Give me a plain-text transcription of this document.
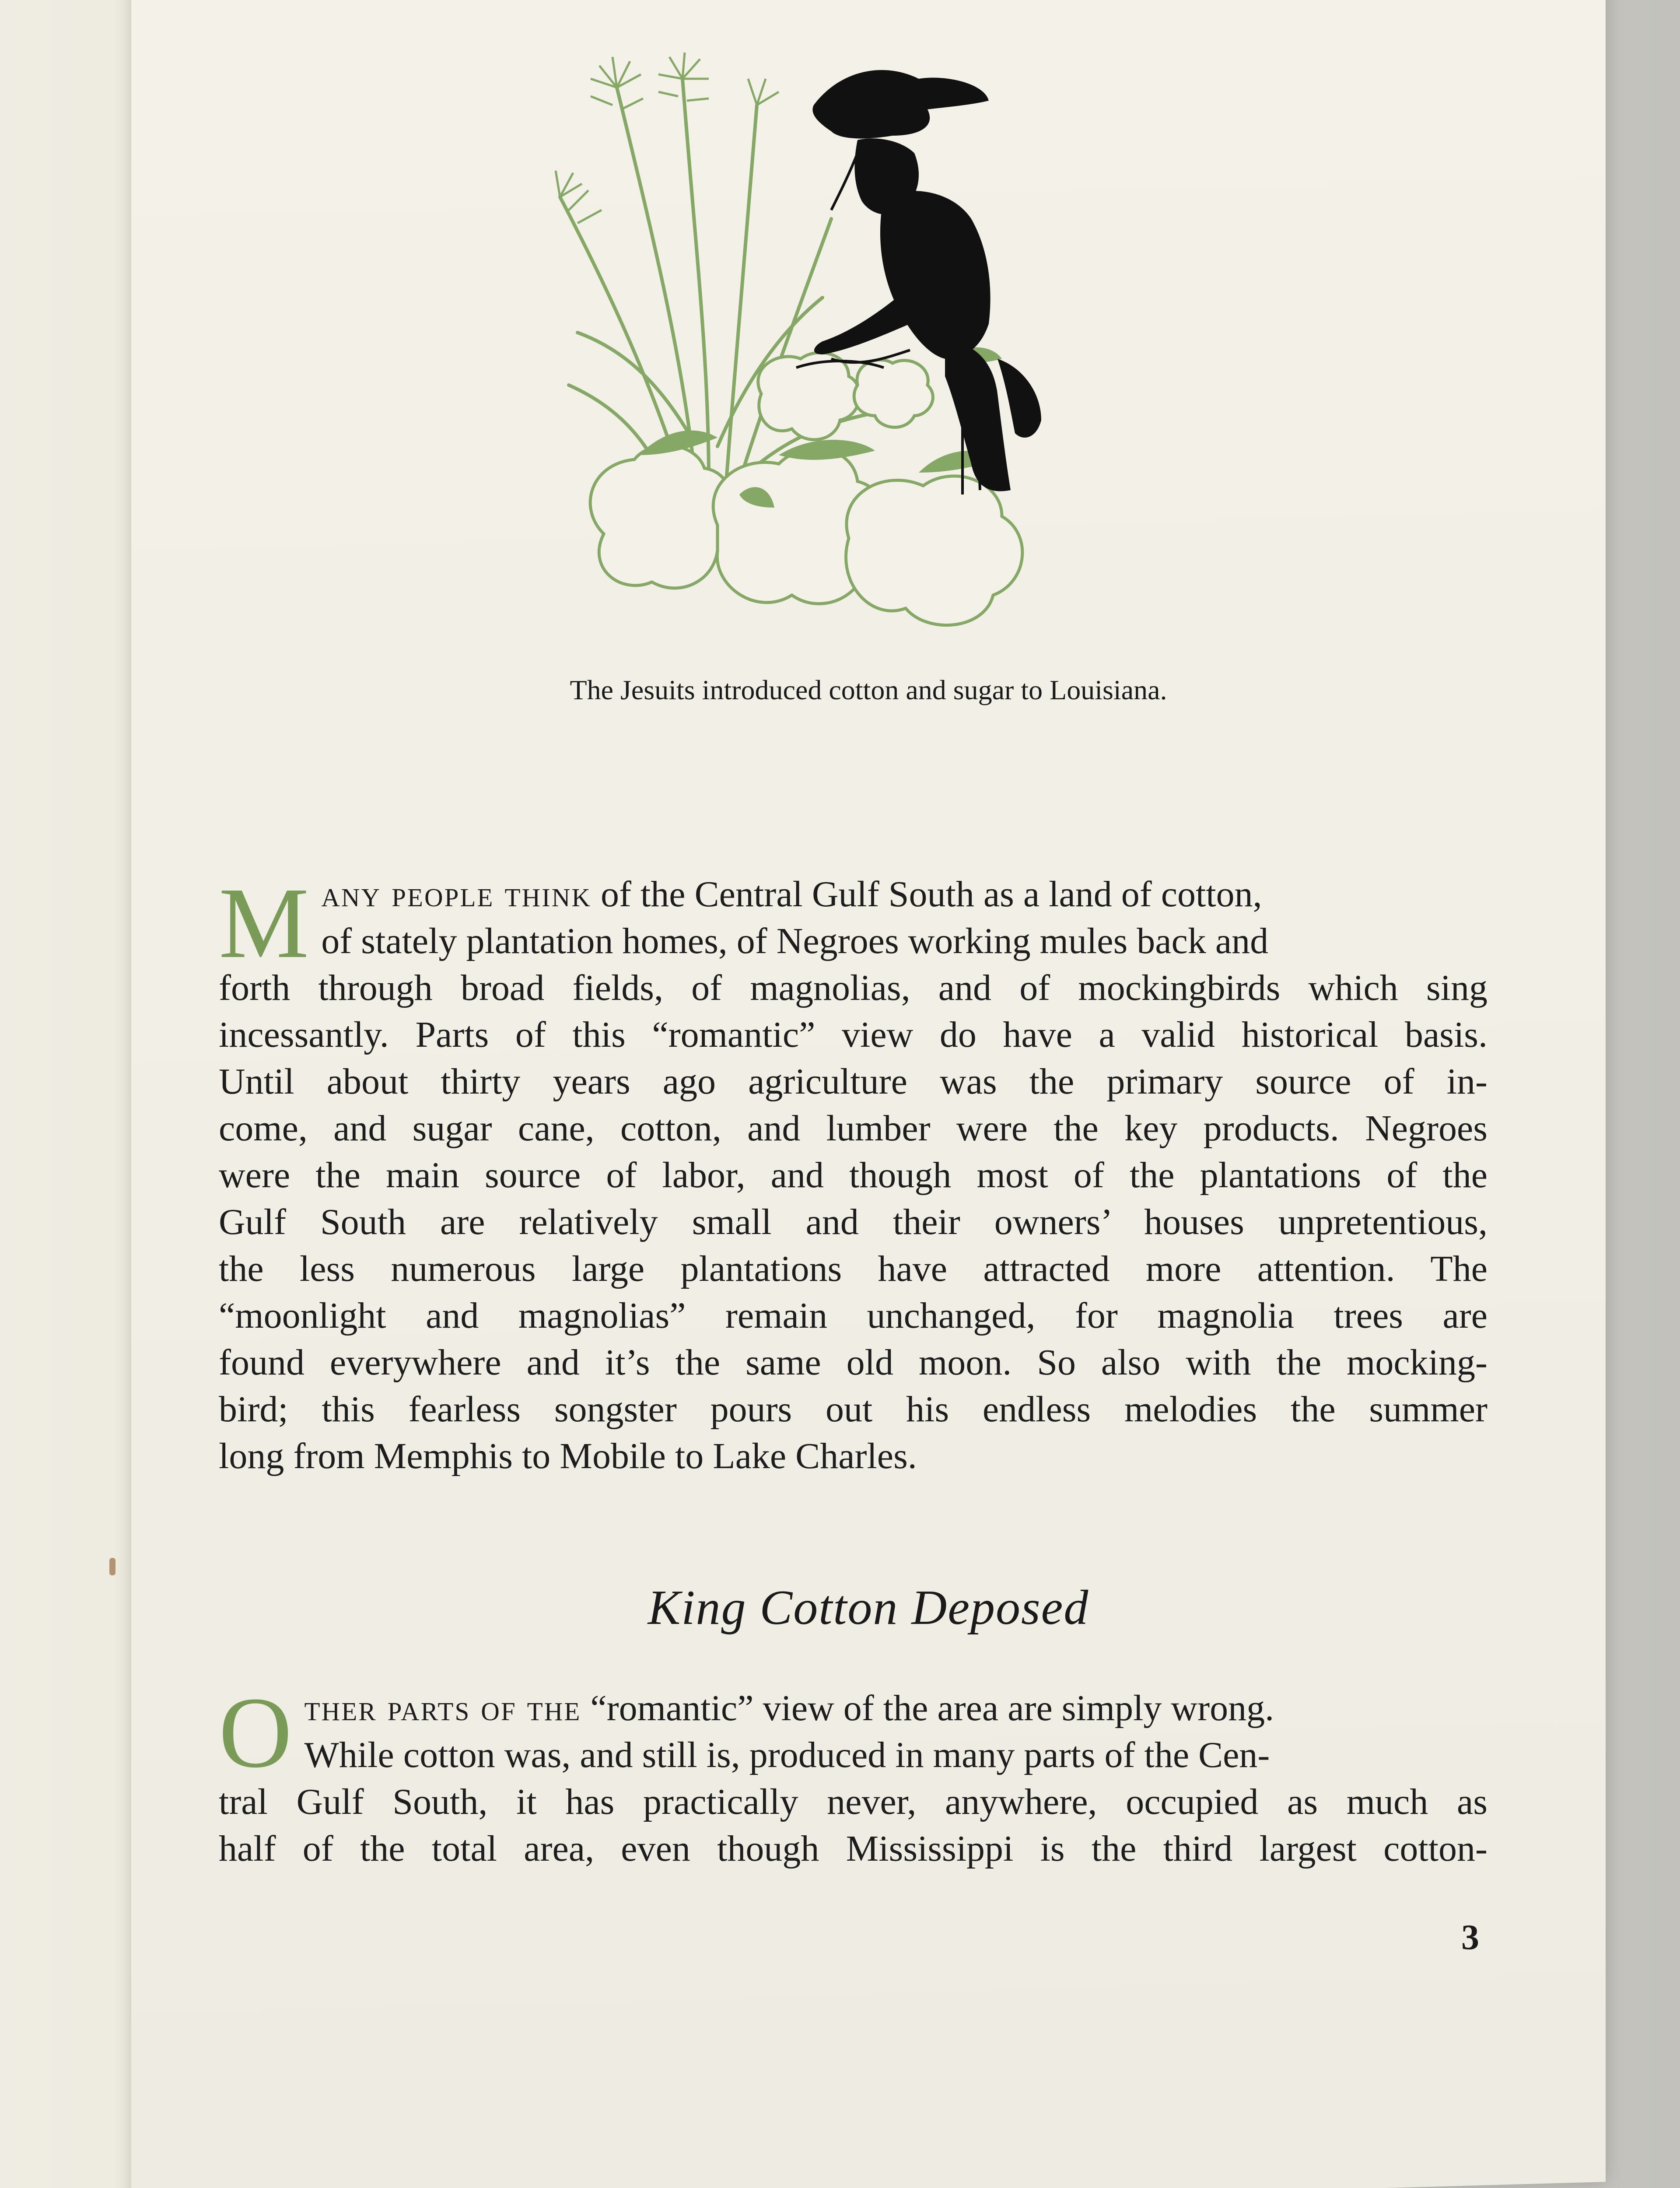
The Jesuits introduced cotton and sugar to Louisiana.
M any people think of the Central Gulf South as a land of cotton,
of stately plantation homes, of Negroes working mules back and
forth through broad fields, of magnolias, and of mockingbirds which sing
incessantly. Parts of this “romantic” view do have a valid historical basis.
Until about thirty years ago agriculture was the primary source of in-
come, and sugar cane, cotton, and lumber were the key products. Negroes
were the main source of labor, and though most of the plantations of the
Gulf South are relatively small and their owners’ houses unpretentious,
the less numerous large plantations have attracted more attention. The
“moonlight and magnolias” remain unchanged, for magnolia trees are
found everywhere and it’s the same old moon. So also with the mocking-
bird; this fearless songster pours out his endless melodies the summer
long from Memphis to Mobile to Lake Charles.
King Cotton Deposed
O ther parts of the “romantic” view of the area are simply wrong.
While cotton was, and still is, produced in many parts of the Cen-
tral Gulf South, it has practically never, anywhere, occupied as much as
half of the total area, even though Mississippi is the third largest cotton-
3
